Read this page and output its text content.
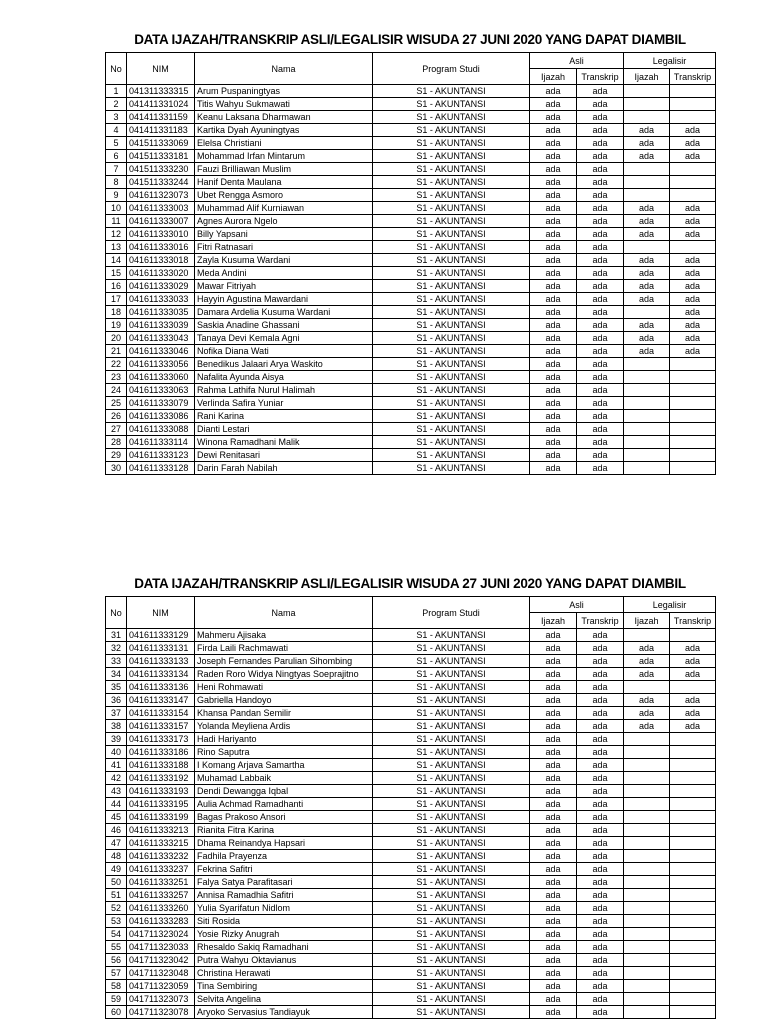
DATA IJAZAH/TRANSKRIP ASLI/LEGALISIR WISUDA 27 JUNI 2020 YANG DAPAT DIAMBIL
No	NIM	Nama	Program Studi	Asli		Legalisir	
				Ijazah	Transkrip	Ijazah	Transkrip
1	041311333315	Arum Puspaningtyas	S1 - AKUNTANSI	ada	ada		
2	041411331024	Titis Wahyu Sukmawati	S1 - AKUNTANSI	ada	ada		
3	041411331159	Keanu Laksana Dharmawan	S1 - AKUNTANSI	ada	ada		
4	041411331183	Kartika Dyah Ayuningtyas	S1 - AKUNTANSI	ada	ada	ada	ada
5	041511333069	Elelsa Christiani	S1 - AKUNTANSI	ada	ada	ada	ada
6	041511333181	Mohammad Irfan Mintarum	S1 - AKUNTANSI	ada	ada	ada	ada
7	041511333230	Fauzi Brilliawan Muslim	S1 - AKUNTANSI	ada	ada		
8	041511333244	Hanif Denta Maulana	S1 - AKUNTANSI	ada	ada		
9	041611323073	Ubet Rengga Asmoro	S1 - AKUNTANSI	ada	ada		
10	041611333003	Muhammad Alif Kurniawan	S1 - AKUNTANSI	ada	ada	ada	ada
11	041611333007	Agnes Aurora Ngelo	S1 - AKUNTANSI	ada	ada	ada	ada
12	041611333010	Billy Yapsani	S1 - AKUNTANSI	ada	ada	ada	ada
13	041611333016	Fitri Ratnasari	S1 - AKUNTANSI	ada	ada		
14	041611333018	Zayla Kusuma Wardani	S1 - AKUNTANSI	ada	ada	ada	ada
15	041611333020	Meda Andini	S1 - AKUNTANSI	ada	ada	ada	ada
16	041611333029	Mawar Fitriyah	S1 - AKUNTANSI	ada	ada	ada	ada
17	041611333033	Hayyin Agustina Mawardani	S1 - AKUNTANSI	ada	ada	ada	ada
18	041611333035	Damara Ardelia Kusuma Wardani	S1 - AKUNTANSI	ada	ada		ada
19	041611333039	Saskia Anadine Ghassani	S1 - AKUNTANSI	ada	ada	ada	ada
20	041611333043	Tanaya Devi Kemala Agni	S1 - AKUNTANSI	ada	ada	ada	ada
21	041611333046	Nofika Diana Wati	S1 - AKUNTANSI	ada	ada	ada	ada
22	041611333056	Benedikus Jalaari Arya Waskito	S1 - AKUNTANSI	ada	ada		
23	041611333060	Nafalita Ayunda Aisya	S1 - AKUNTANSI	ada	ada		
24	041611333063	Rahma Lathifa Nurul Halimah	S1 - AKUNTANSI	ada	ada		
25	041611333079	Verlinda Safira Yuniar	S1 - AKUNTANSI	ada	ada		
26	041611333086	Rani Karina	S1 - AKUNTANSI	ada	ada		
27	041611333088	Dianti Lestari	S1 - AKUNTANSI	ada	ada		
28	041611333114	Winona Ramadhani Malik	S1 - AKUNTANSI	ada	ada		
29	041611333123	Dewi Renitasari	S1 - AKUNTANSI	ada	ada		
30	041611333128	Darin Farah Nabilah	S1 - AKUNTANSI	ada	ada		
DATA IJAZAH/TRANSKRIP ASLI/LEGALISIR WISUDA 27 JUNI 2020 YANG DAPAT DIAMBIL
No	NIM	Nama	Program Studi	Asli		Legalisir	
				Ijazah	Transkrip	Ijazah	Transkrip
31	041611333129	Mahmeru Ajisaka	S1 - AKUNTANSI	ada	ada		
32	041611333131	Firda Laili Rachmawati	S1 - AKUNTANSI	ada	ada	ada	ada
33	041611333133	Joseph Fernandes Parulian Sihombing	S1 - AKUNTANSI	ada	ada	ada	ada
34	041611333134	Raden Roro Widya Ningtyas Soeprajitno	S1 - AKUNTANSI	ada	ada	ada	ada
35	041611333136	Heni Rohmawati	S1 - AKUNTANSI	ada	ada		
36	041611333147	Gabriella Handoyo	S1 - AKUNTANSI	ada	ada	ada	ada
37	041611333154	Khansa Pandan Semilir	S1 - AKUNTANSI	ada	ada	ada	ada
38	041611333157	Yolanda Meyliena Ardis	S1 - AKUNTANSI	ada	ada	ada	ada
39	041611333173	Hadi Hariyanto	S1 - AKUNTANSI	ada	ada		
40	041611333186	Rino Saputra	S1 - AKUNTANSI	ada	ada		
41	041611333188	I Komang Arjava Samartha	S1 - AKUNTANSI	ada	ada		
42	041611333192	Muhamad Labbaik	S1 - AKUNTANSI	ada	ada		
43	041611333193	Dendi Dewangga Iqbal	S1 - AKUNTANSI	ada	ada		
44	041611333195	Aulia Achmad Ramadhanti	S1 - AKUNTANSI	ada	ada		
45	041611333199	Bagas Prakoso Ansori	S1 - AKUNTANSI	ada	ada		
46	041611333213	Rianita Fitra Karina	S1 - AKUNTANSI	ada	ada		
47	041611333215	Dhama Reinandya Hapsari	S1 - AKUNTANSI	ada	ada		
48	041611333232	Fadhila Prayenza	S1 - AKUNTANSI	ada	ada		
49	041611333237	Fekrina Safitri	S1 - AKUNTANSI	ada	ada		
50	041611333251	Falya Satya Parafitasari	S1 - AKUNTANSI	ada	ada		
51	041611333257	Annisa Ramadhia Safitri	S1 - AKUNTANSI	ada	ada		
52	041611333260	Yulia Syarifatun Nidlom	S1 - AKUNTANSI	ada	ada		
53	041611333283	Siti Rosida	S1 - AKUNTANSI	ada	ada		
54	041711323024	Yosie Rizky Anugrah	S1 - AKUNTANSI	ada	ada		
55	041711323033	Rhesaldo Sakiq Ramadhani	S1 - AKUNTANSI	ada	ada		
56	041711323042	Putra Wahyu Oktavianus	S1 - AKUNTANSI	ada	ada		
57	041711323048	Christina Herawati	S1 - AKUNTANSI	ada	ada		
58	041711323059	Tina Sembiring	S1 - AKUNTANSI	ada	ada		
59	041711323073	Selvita Angelina	S1 - AKUNTANSI	ada	ada		
60	041711323078	Aryoko Servasius Tandiayuk	S1 - AKUNTANSI	ada	ada		
